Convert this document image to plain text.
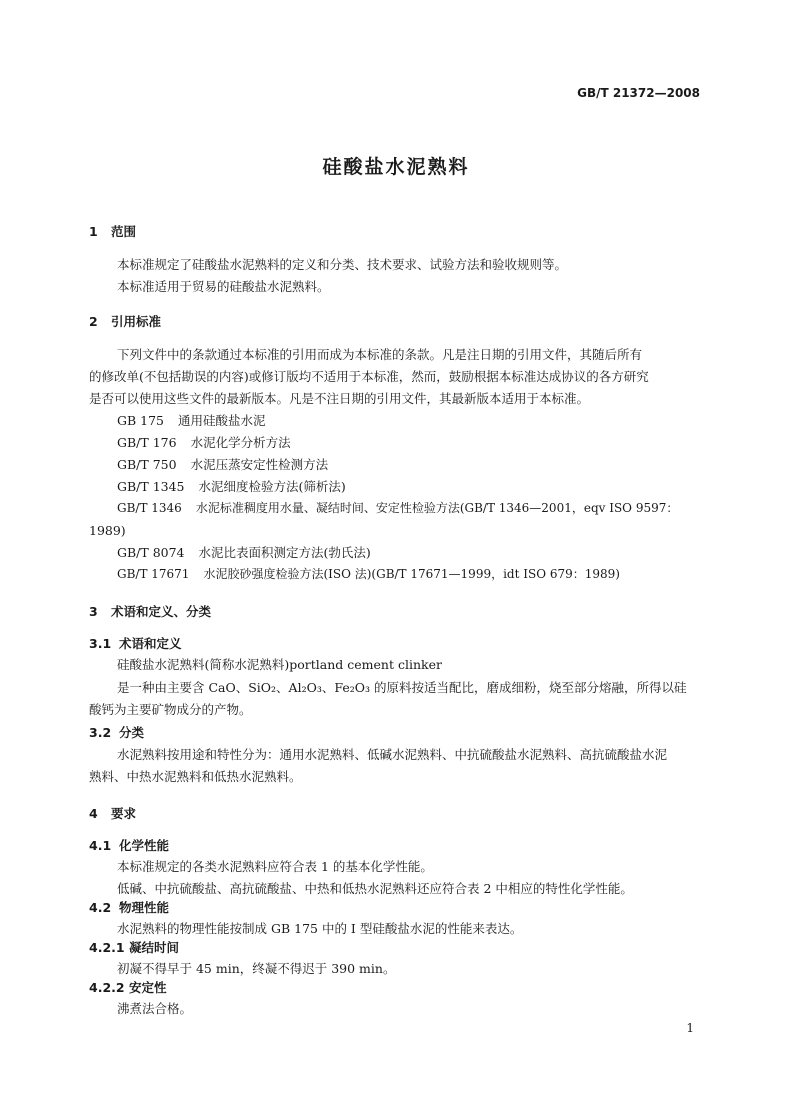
GB/T 21372—2008
硅酸盐水泥熟料
1 范围
本标准规定了硅酸盐水泥熟料的定义和分类、技术要求、试验方法和验收规则等。
本标准适用于贸易的硅酸盐水泥熟料。
2 引用标准
下列文件中的条款通过本标准的引用而成为本标准的条款。凡是注日期的引用文件，其随后所有
的修改单(不包括勘误的内容)或修订版均不适用于本标准，然而，鼓励根据本标准达成协议的各方研究
是否可以使用这些文件的最新版本。凡是不注日期的引用文件，其最新版本适用于本标准。
GB 175 通用硅酸盐水泥
GB/T 176 水泥化学分析方法
GB/T 750 水泥压蒸安定性检测方法
GB/T 1345 水泥细度检验方法(筛析法)
GB/T 1346 水泥标准稠度用水量、凝结时间、安定性检验方法(GB/T 1346—2001，eqv ISO 9597：
1989)
GB/T 8074 水泥比表面积测定方法(勃氏法)
GB/T 17671 水泥胶砂强度检验方法(ISO 法)(GB/T 17671—1999，idt ISO 679：1989)
3 术语和定义、分类
3.1 术语和定义
硅酸盐水泥熟料(简称水泥熟料)portland cement clinker
是一种由主要含 CaO、SiO₂、Al₂O₃、Fe₂O₃ 的原料按适当配比，磨成细粉，烧至部分熔融，所得以硅
酸钙为主要矿物成分的产物。
3.2 分类
水泥熟料按用途和特性分为：通用水泥熟料、低碱水泥熟料、中抗硫酸盐水泥熟料、高抗硫酸盐水泥
熟料、中热水泥熟料和低热水泥熟料。
4 要求
4.1 化学性能
本标准规定的各类水泥熟料应符合表 1 的基本化学性能。
低碱、中抗硫酸盐、高抗硫酸盐、中热和低热水泥熟料还应符合表 2 中相应的特性化学性能。
4.2 物理性能
水泥熟料的物理性能按制成 GB 175 中的 I 型硅酸盐水泥的性能来表达。
4.2.1 凝结时间
初凝不得早于 45 min，终凝不得迟于 390 min。
4.2.2 安定性
沸煮法合格。
1
